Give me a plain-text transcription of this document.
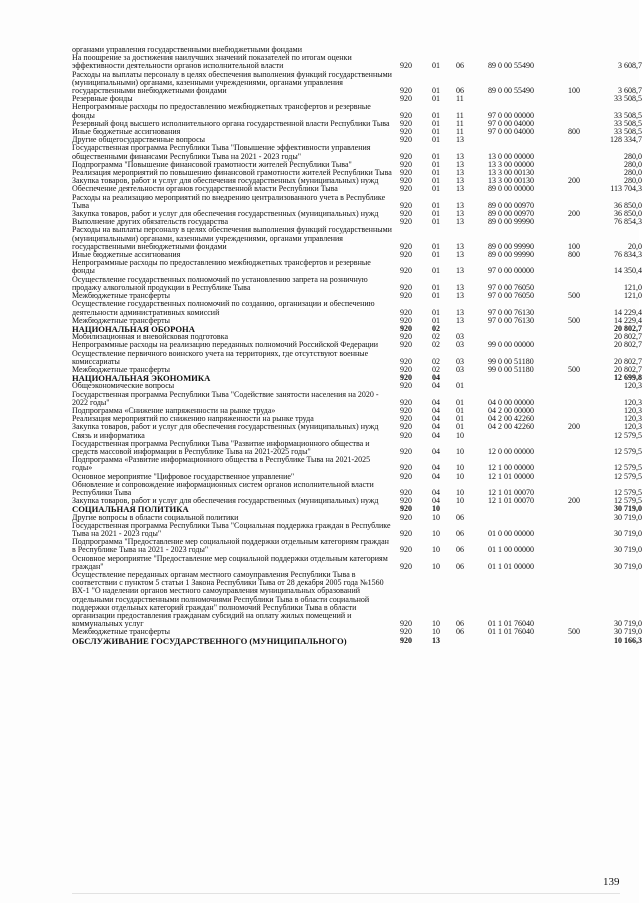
органами управления государственными внебюджетными фондами						
На поощрение за достижения наилучших значений показателей по итогам оценки эффективности деятельности органов исполнительной власти	920	01	06	89 0 00 55490		3 608,7
Расходы на выплаты персоналу в целях обеспечения выполнения функций государственными (муниципальными) органами, казенными учреждениями, органами управления государственными внебюджетными фондами	920	01	06	89 0 00 55490	100	3 608,7
Резервные фонды	920	01	11			33 508,5
Непрограммные расходы по предоставлению межбюджетных трансфертов и резервные фонды	920	01	11	97 0 00 00000		33 508,5
Резервный фонд высшего исполнительного органа государственной власти Республики Тыва	920	01	11	97 0 00 04000		33 508,5
Иные бюджетные ассигнования	920	01	11	97 0 00 04000	800	33 508,5
Другие общегосударственные вопросы	920	01	13			128 334,7
Государственная программа Республики Тыва "Повышение эффективности управления общественными финансами Республики Тыва на 2021 - 2023 годы"	920	01	13	13 0 00 00000		280,0
Подпрограмма "Повышение финансовой грамотности жителей Республики Тыва"	920	01	13	13 3 00 00000		280,0
Реализация мероприятий по повышению финансовой грамотности жителей Республики Тыва	920	01	13	13 3 00 00130		280,0
Закупка товаров, работ и услуг для обеспечения государственных (муниципальных) нужд	920	01	13	13 3 00 00130	200	280,0
Обеспечение деятельности органов государственной власти Республики Тыва	920	01	13	89 0 00 00000		113 704,3
Расходы на реализацию мероприятий по внедрению централизованного учета в Республике Тыва	920	01	13	89 0 00 00970		36 850,0
Закупка товаров, работ и услуг для обеспечения государственных (муниципальных) нужд	920	01	13	89 0 00 00970	200	36 850,0
Выполнение других обязательств государства	920	01	13	89 0 00 99990		76 854,3
Расходы на выплаты персоналу в целях обеспечения выполнения функций государственными (муниципальными) органами, казенными учреждениями, органами управления государственными внебюджетными фондами	920	01	13	89 0 00 99990	100	20,0
Иные бюджетные ассигнования	920	01	13	89 0 00 99990	800	76 834,3
Непрограммные расходы по предоставлению межбюджетных трансфертов и резервные фонды	920	01	13	97 0 00 00000		14 350,4
Осуществление государственных полномочий по установлению запрета на розничную продажу алкогольной продукции в Республике Тыва	920	01	13	97 0 00 76050		121,0
Межбюджетные трансферты	920	01	13	97 0 00 76050	500	121,0
Осуществление государственных полномочий по созданию, организации и обеспечению деятельности административных комиссий	920	01	13	97 0 00 76130		14 229,4
Межбюджетные трансферты	920	01	13	97 0 00 76130	500	14 229,4
НАЦИОНАЛЬНАЯ ОБОРОНА	920	02				20 802,7
Мобилизационная и вневойсковая подготовка	920	02	03			20 802,7
Непрограммные расходы на реализацию переданных полномочий Российской Федерации	920	02	03	99 0 00 00000		20 802,7
Осуществление первичного воинского учета на территориях, где отсутствуют военные комиссариаты	920	02	03	99 0 00 51180		20 802,7
Межбюджетные трансферты	920	02	03	99 0 00 51180	500	20 802,7
НАЦИОНАЛЬНАЯ ЭКОНОМИКА	920	04				12 699,8
Общеэкономические вопросы	920	04	01			120,3
Государственная программа Республики Тыва "Содействие занятости населения на 2020 - 2022 годы"	920	04	01	04 0 00 00000		120,3
Подпрограмма «Снижение напряженности на рынке труда»	920	04	01	04 2 00 00000		120,3
Реализация мероприятий по снижению напряженности на рынке труда	920	04	01	04 2 00 42260		120,3
Закупка товаров, работ и услуг для обеспечения государственных (муниципальных) нужд	920	04	01	04 2 00 42260	200	120,3
Связь и информатика	920	04	10			12 579,5
Государственная программа Республики Тыва "Развитие информационного общества и средств массовой информации в Республике Тыва на 2021-2025 годы"	920	04	10	12 0 00 00000		12 579,5
Подпрограмма «Развитие информационного общества в Республике Тыва на 2021-2025 годы»	920	04	10	12 1 00 00000		12 579,5
Основное мероприятие "Цифровое государственное управление"	920	04	10	12 1 01 00000		12 579,5
Обновление и сопровождение информационных систем органов исполнительной власти Республики Тыва	920	04	10	12 1 01 00070		12 579,5
Закупка товаров, работ и услуг для обеспечения государственных (муниципальных) нужд	920	04	10	12 1 01 00070	200	12 579,5
СОЦИАЛЬНАЯ ПОЛИТИКА	920	10				30 719,0
Другие вопросы в области социальной политики	920	10	06			30 719,0
Государственная программа Республики Тыва "Социальная поддержка граждан в Республике Тыва на 2021 - 2023 годы"	920	10	06	01 0 00 00000		30 719,0
Подпрограмма "Предоставление мер социальной поддержки отдельным категориям граждан в Республике Тыва на 2021 - 2023 годы"	920	10	06	01 1 00 00000		30 719,0
Основное мероприятие "Предоставление мер социальной поддержки отдельным категориям граждан"	920	10	06	01 1 01 00000		30 719,0
Осуществление переданных органам местного самоуправления Республики Тыва в соответствии с пунктом 5 статьи 1 Закона Республики Тыва от 28 декабря 2005 года №1560 ВХ-1 "О наделении органов местного самоуправления муниципальных образований отдельными государственными полномочиями Республики Тыва в области социальной поддержки отдельных категорий граждан" полномочий Республики Тыва в области организации предоставления гражданам субсидий на оплату жилых помещений и коммунальных услуг	920	10	06	01 1 01 76040		30 719,0
Межбюджетные трансферты	920	10	06	01 1 01 76040	500	30 719,0
ОБСЛУЖИВАНИЕ ГОСУДАРСТВЕННОГО (МУНИЦИПАЛЬНОГО)	920	13				10 166,3
139
